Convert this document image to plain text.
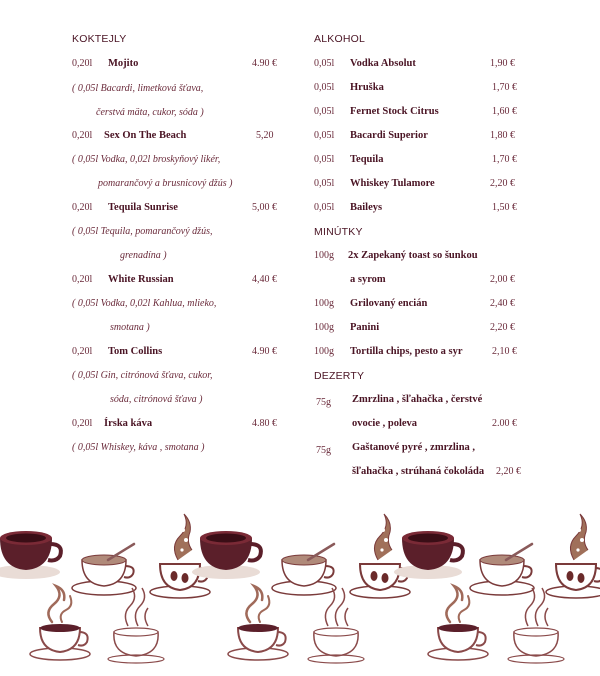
KOKTEJLY
0,20l Mojito	4.90 €
( 0,05l Bacardi, limetková šťava,
čerstvá mäta, cukor, sóda )
0,20l Sex On The Beach	5,20
( 0,05l Vodka, 0,02l broskyňový likér,
pomarančový a brusnicový džús )
0,20l Tequila Sunrise	5,00 €
( 0,05l Tequila, pomarančový džús,
grenadína )
0,20l White Russian	4,40 €
( 0,05l Vodka, 0,02l Kahlua, mlieko,
smotana )
0,20l Tom Collins	4.90 €
( 0,05l Gin, citrónová šťava, cukor,
sóda, citrónová šťava )
0,20l Írska káva	4.80 €
( 0,05l Whiskey, káva , smotana )
ALKOHOL
0,05l Vodka Absolut	1,90 €
0,05l Hruška	1,70 €
0,05l Fernet Stock Citrus	1,60 €
0,05l Bacardi Superior	1,80 €
0,05l Tequila	1,70 €
0,05l Whiskey Tulamore	2,20 €
0,05l Baileys	1,50 €
MINÚTKY
100g 2x Zapekaný toast so šunkou
a syrom	2,00 €
100g Grilovaný encián	2,40 €
100g Panini	2,20 €
100g Tortilla chips, pesto a syr	2,10 €
DEZERTY
75g Zmrzlina , šľahačka , čerstvé
ovocie , poleva	2.00 €
75g Gaštanové pyré , zmrzlina ,
šľahačka , strúhaná čokoláda 2,20 €
